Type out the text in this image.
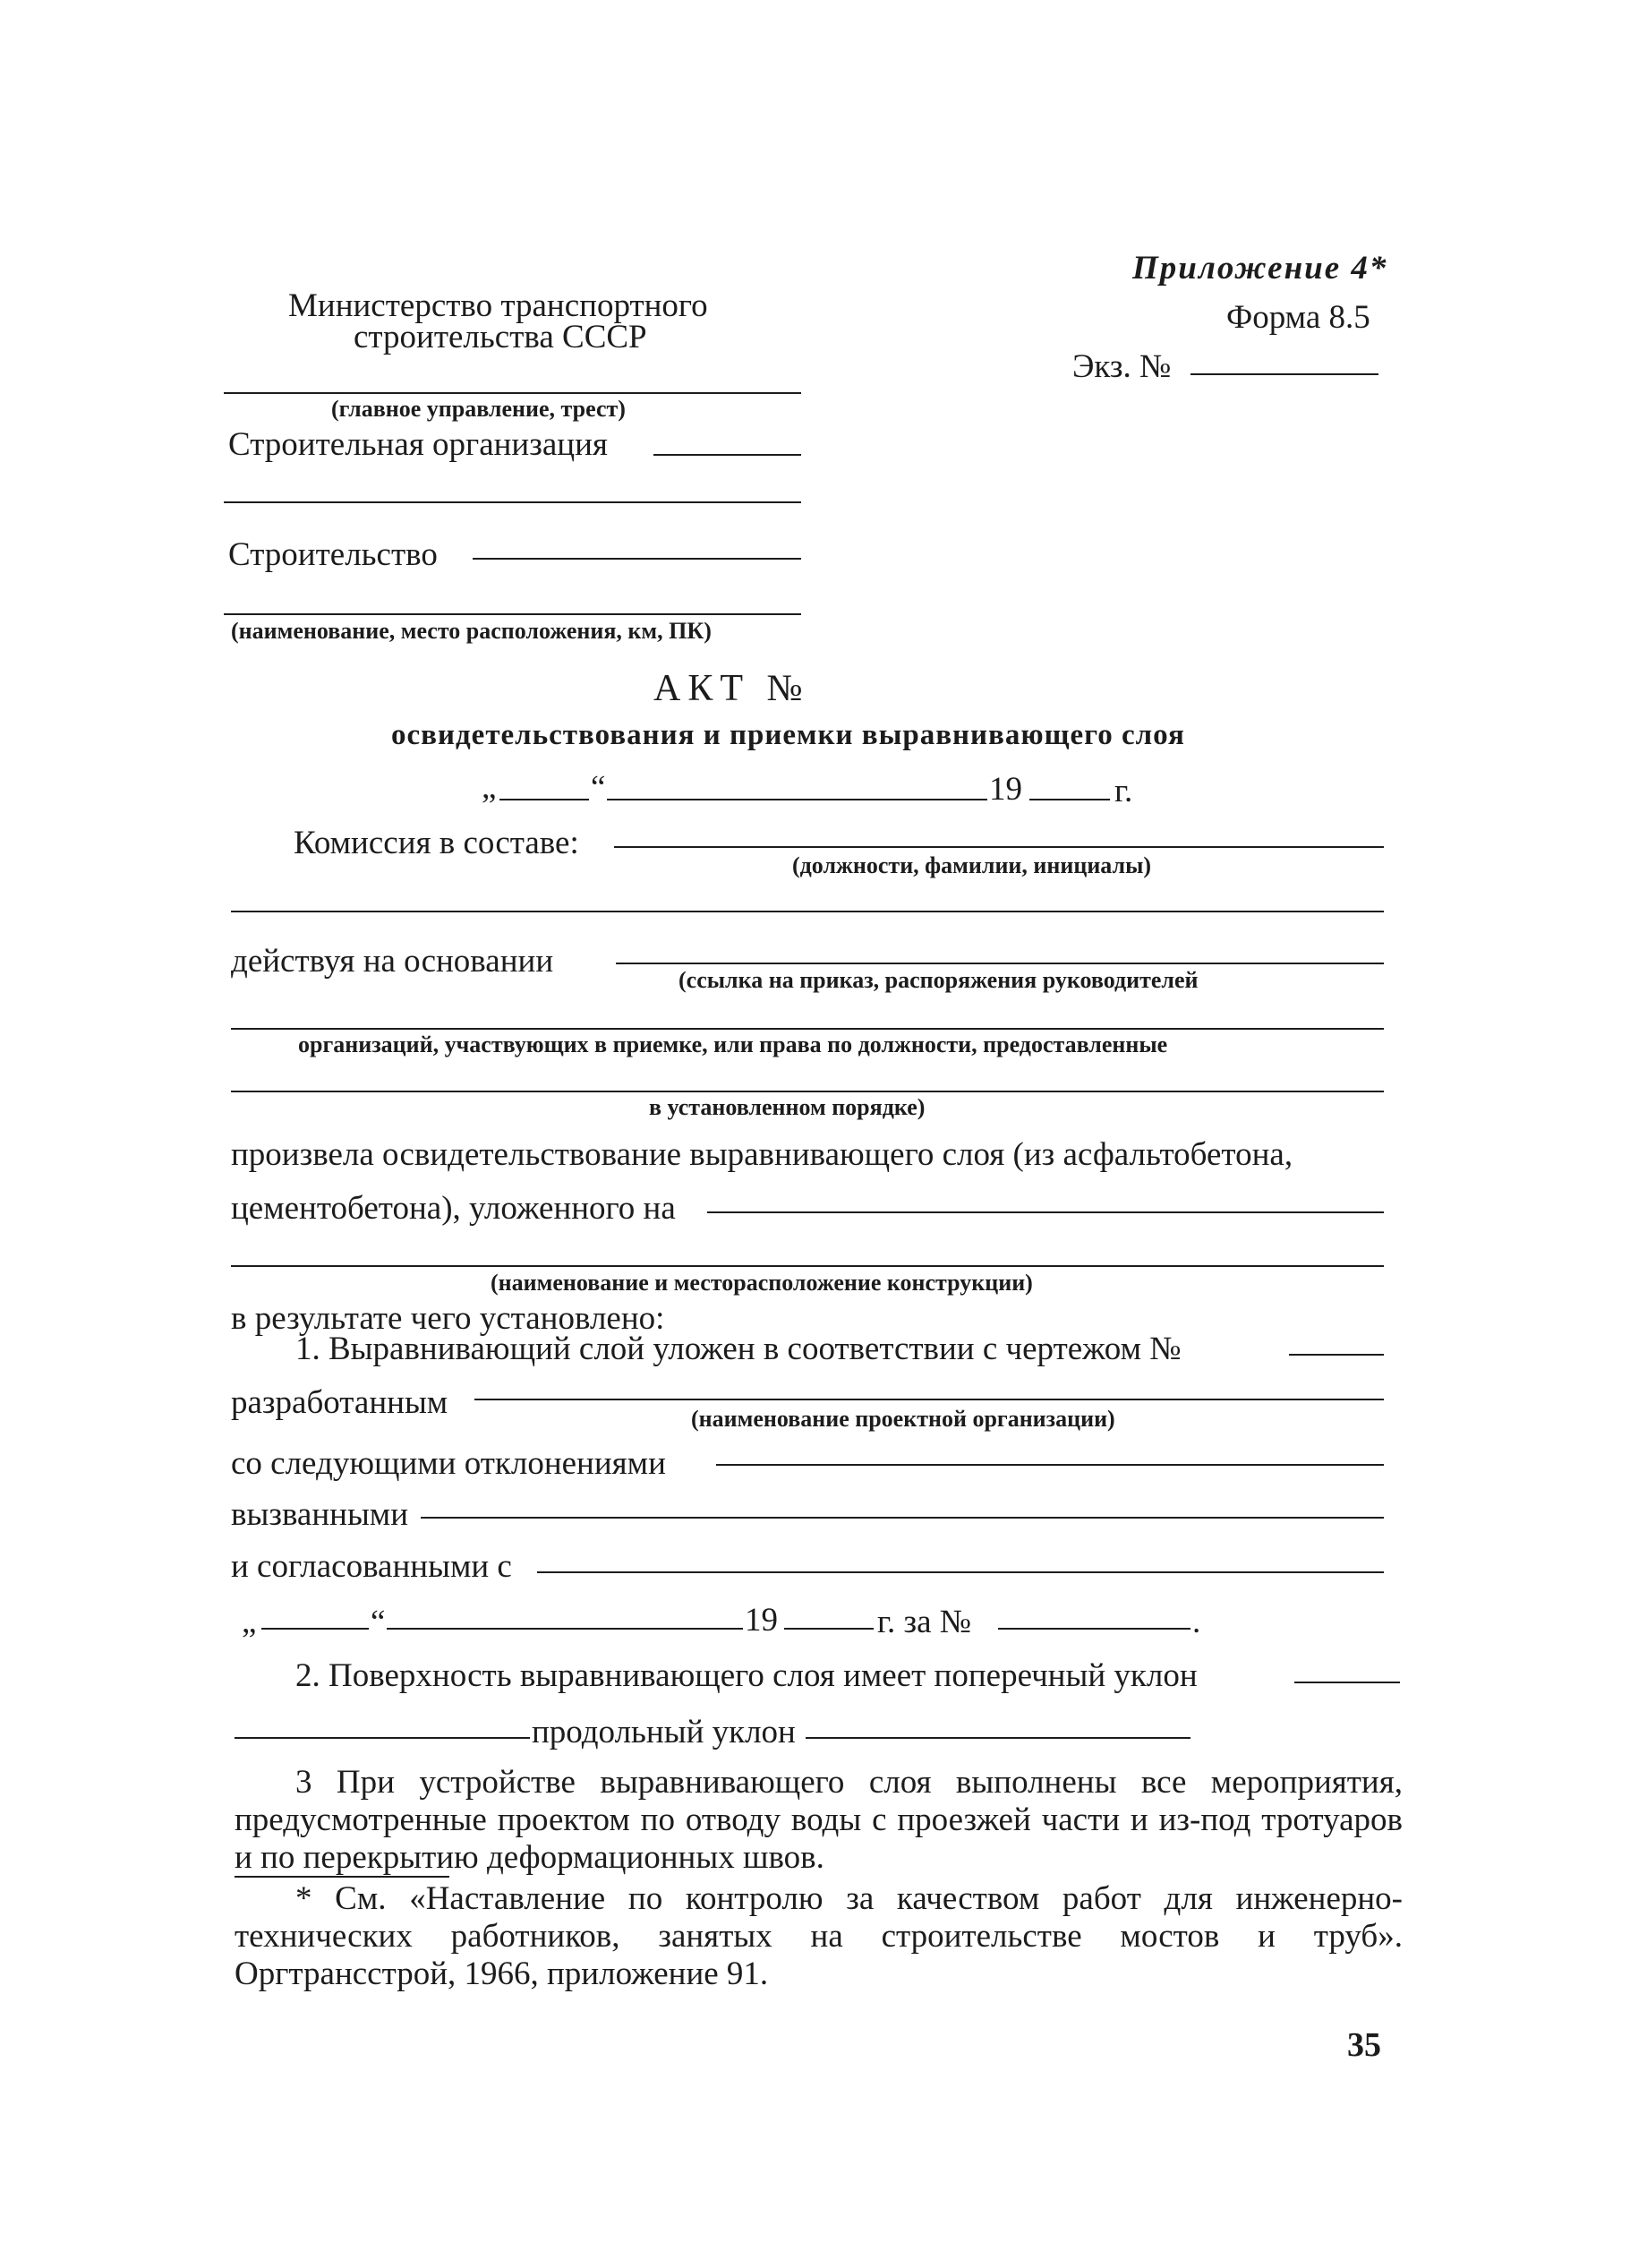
Приложение 4*
Форма 8.5
Экз. №
Министерство транспортного
строительства СССР
(главное управление, трест)
Строительная организация
Строительство
(наименование, место расположения, км, ПК)
АКТ №
освидетельствования и приемки выравнивающего слоя
„	“	19	г.
Комиссия в составе:
(должности, фамилии, инициалы)
действуя на основании
(ссылка на приказ, распоряжения руководителей
организаций, участвующих в приемке, или права по должности, предоставленные
в установленном порядке)
произвела освидетельствование выравнивающего слоя (из асфальтобетона,
цементобетона), уложенного на
(наименование и месторасположение конструкции)
в результате чего установлено:
1. Выравнивающий слой уложен в соответствии с чертежом №
разработанным	(наименование проектной организации)
со следующими отклонениями
вызванными
и согласованными с
„	“	19	г. за №	.
2. Поверхность выравнивающего слоя имеет поперечный уклон
продольный уклон
3 При устройстве выравнивающего слоя выполнены все мероприятия, предусмотренные проектом по отводу воды с проезжей части и из-под тротуаров и по перекрытию деформационных швов.
* См. «Наставление по контролю за качеством работ для инженерно-технических работников, занятых на строительстве мостов и труб». Оргтрансстрой, 1966, приложение 91.
35
